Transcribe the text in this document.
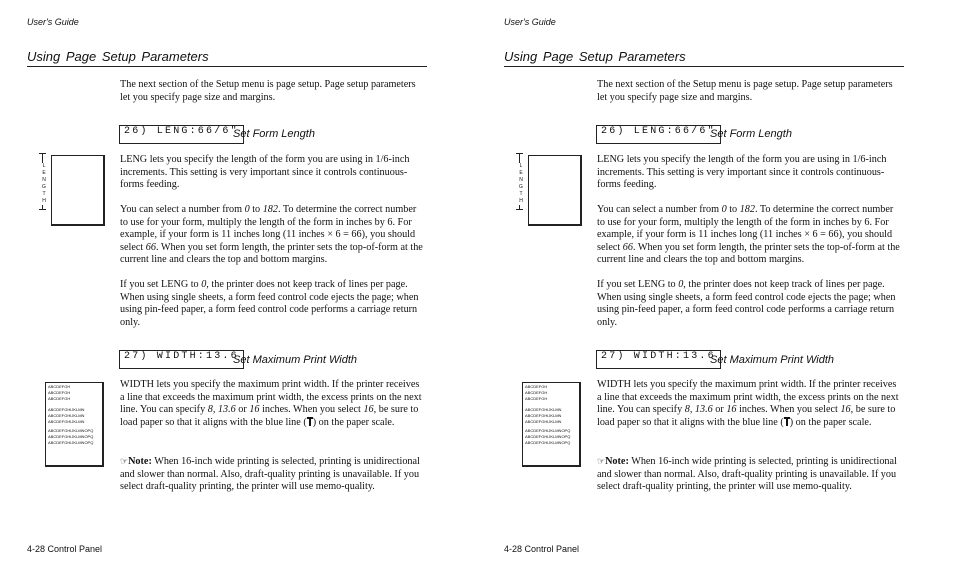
User's Guide
Using Page Setup Parameters

The next section of the Setup menu is page setup. Page setup parameters let you specify page size and margins.

26) LENG:66/6"
Set Form Length
L
E
N
G
T
H

LENG lets you specify the length of the form you are using in 1/6-inch increments. This setting is very important since it controls continuous-forms feeding.

You can select a number from 0 to 182. To determine the correct number to use for your form, multiply the length of the form in inches by 6. For example, if your form is 11 inches long (11 inches × 6 = 66), you should select 66. When you set form length, the printer sets the top-of-form at the current line and clears the top and bottom margins.

If you set LENG to 0, the printer does not keep track of lines per page. When using single sheets, a form feed control code ejects the page; when using pin-feed paper, a form feed control code performs a carriage return only.

27) WIDTH:13.6
Set Maximum Print Width
ABCDEFGH
ABCDEFGH
ABCDEFGH
ABCDEFGHIJKLMN
ABCDEFGHIJKLMN
ABCDEFGHIJKLMN
ABCDEFGHIJKLMNOPQ
ABCDEFGHIJKLMNOPQ
ABCDEFGHIJKLMNOPQ

WIDTH lets you specify the maximum print width. If the printer receives a line that exceeds the maximum print width, the excess prints on the next line. You can specify 8, 13.6 or 16 inches. When you select 16, be sure to load paper so that it aligns with the blue line ( ) on the paper scale.

☞Note: When 16-inch wide printing is selected, printing is unidirectional and slower than normal. Also, draft-quality printing is unavailable. If you select draft-quality printing, the printer will use memo-quality.

4-28 Control Panel
User's Guide
Using Page Setup Parameters

The next section of the Setup menu is page setup. Page setup parameters let you specify page size and margins.

26) LENG:66/6"
Set Form Length
L
E
N
G
T
H

LENG lets you specify the length of the form you are using in 1/6-inch increments. This setting is very important since it controls continuous-forms feeding.

You can select a number from 0 to 182. To determine the correct number to use for your form, multiply the length of the form in inches by 6. For example, if your form is 11 inches long (11 inches × 6 = 66), you should select 66. When you set form length, the printer sets the top-of-form at the current line and clears the top and bottom margins.

If you set LENG to 0, the printer does not keep track of lines per page. When using single sheets, a form feed control code ejects the page; when using pin-feed paper, a form feed control code performs a carriage return only.

27) WIDTH:13.6
Set Maximum Print Width
ABCDEFGH
ABCDEFGH
ABCDEFGH
ABCDEFGHIJKLMN
ABCDEFGHIJKLMN
ABCDEFGHIJKLMN
ABCDEFGHIJKLMNOPQ
ABCDEFGHIJKLMNOPQ
ABCDEFGHIJKLMNOPQ

WIDTH lets you specify the maximum print width. If the printer receives a line that exceeds the maximum print width, the excess prints on the next line. You can specify 8, 13.6 or 16 inches. When you select 16, be sure to load paper so that it aligns with the blue line ( ) on the paper scale.

☞Note: When 16-inch wide printing is selected, printing is unidirectional and slower than normal. Also, draft-quality printing is unavailable. If you select draft-quality printing, the printer will use memo-quality.

4-28 Control Panel
